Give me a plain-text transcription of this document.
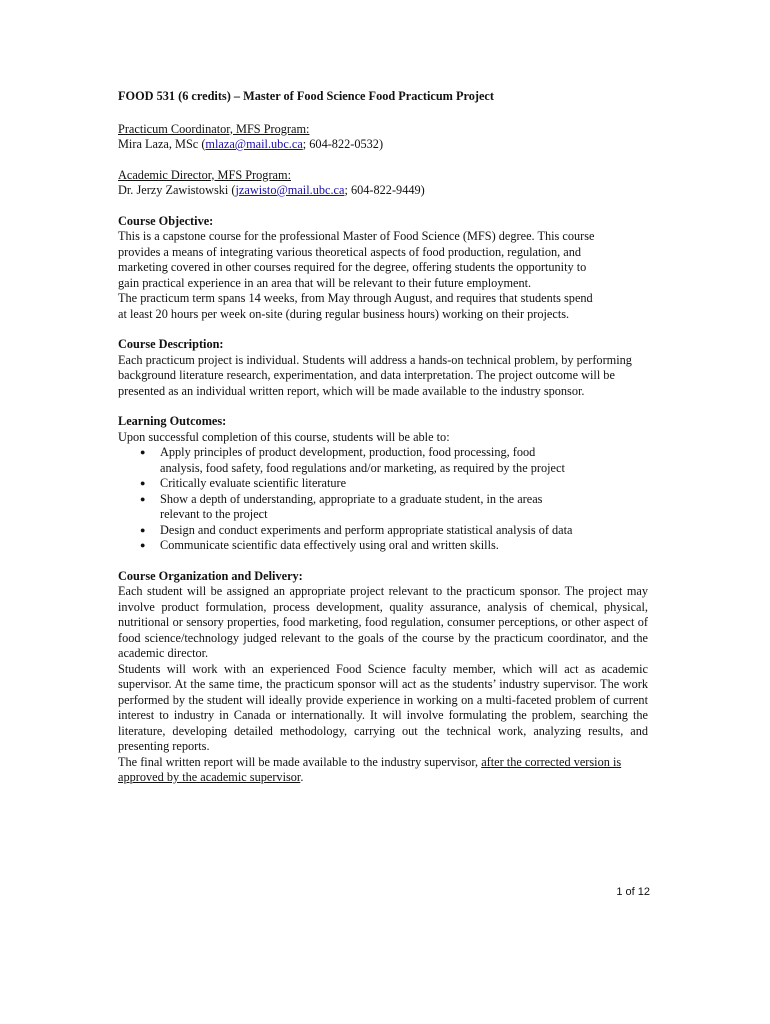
FOOD 531 (6 credits) – Master of Food Science Food Practicum Project

Practicum Coordinator, MFS Program:

Mira Laza, MSc (mlaza@mail.ubc.ca; 604-822-0532)

Academic Director, MFS Program:

Dr. Jerzy Zawistowski (jzawisto@mail.ubc.ca; 604-822-9449)

Course Objective:

This is a capstone course for the professional Master of Food Science (MFS) degree. This course provides a means of integrating various theoretical aspects of food production, regulation, and marketing covered in other courses required for the degree, offering students the opportunity to gain practical experience in an area that will be relevant to their future employment.

The practicum term spans 14 weeks, from May through August, and requires that students spend at least 20 hours per week on-site (during regular business hours) working on their projects.

Course Description:

Each practicum project is individual. Students will address a hands-on technical problem, by performing background literature research, experimentation, and data interpretation. The project outcome will be presented as an individual written report, which will be made available to the industry sponsor.

Learning Outcomes:

Upon successful completion of this course, students will be able to:

● Apply principles of product development, production, food processing, food analysis, food safety, food regulations and/or marketing, as required by the project
● Critically evaluate scientific literature
● Show a depth of understanding, appropriate to a graduate student, in the areas relevant to the project
● Design and conduct experiments and perform appropriate statistical analysis of data
● Communicate scientific data effectively using oral and written skills.

Course Organization and Delivery:

Each student will be assigned an appropriate project relevant to the practicum sponsor. The project may involve product formulation, process development, quality assurance, analysis of chemical, physical, nutritional or sensory properties, food marketing, food regulation, consumer perceptions, or other aspect of food science/technology judged relevant to the goals of the course by the practicum coordinator, and the academic director.

Students will work with an experienced Food Science faculty member, which will act as academic supervisor. At the same time, the practicum sponsor will act as the students’ industry supervisor. The work performed by the student will ideally provide experience in working on a multi-faceted problem of current interest to industry in Canada or internationally. It will involve formulating the problem, searching the literature, developing detailed methodology, carrying out the technical work, analyzing results, and presenting reports.

The final written report will be made available to the industry supervisor, after the corrected version is approved by the academic supervisor.

1 of 12
